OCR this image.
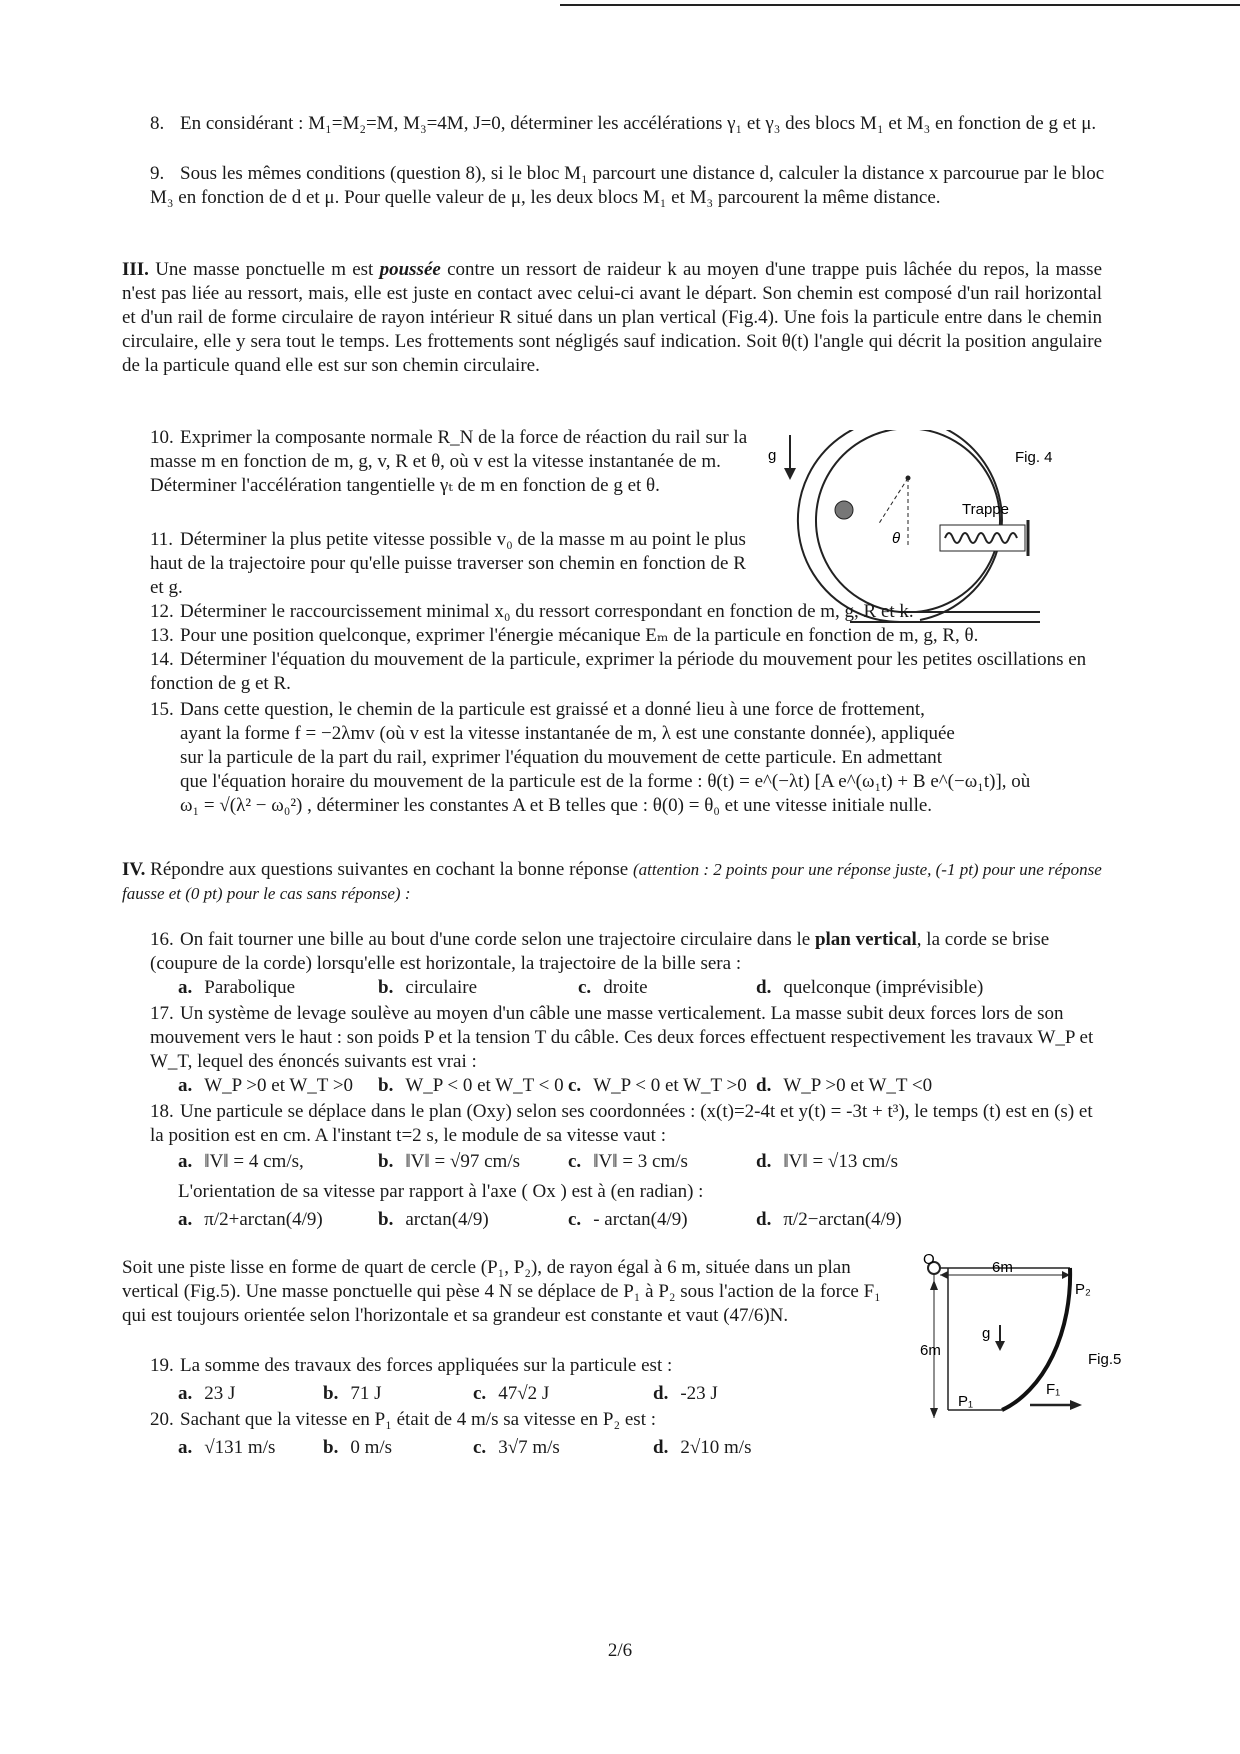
8. En considérant : M₁=M₂=M, M₃=4M, J=0, déterminer les accélérations γ₁ et γ₃ des blocs M₁ et M₃ en fonction de g et μ.
9. Sous les mêmes conditions (question 8), si le bloc M₁ parcourt une distance d, calculer la distance x parcourue par le bloc M₃ en fonction de d et μ. Pour quelle valeur de μ, les deux blocs M₁ et M₃ parcourent la même distance.
III. Une masse ponctuelle m est poussée contre un ressort de raideur k au moyen d'une trappe puis lâchée du repos, la masse n'est pas liée au ressort, mais, elle est juste en contact avec celui-ci avant le départ. Son chemin est composé d'un rail horizontal et d'un rail de forme circulaire de rayon intérieur R situé dans un plan vertical (Fig.4). Une fois la particule entre dans le chemin circulaire, elle y sera tout le temps. Les frottements sont négligés sauf indication. Soit θ(t) l'angle qui décrit la position angulaire de la particule quand elle est sur son chemin circulaire.
10. Exprimer la composante normale R_N de la force de réaction du rail sur la masse m en fonction de m, g, v, R et θ, où v est la vitesse instantanée de m. Déterminer l'accélération tangentielle γₜ de m en fonction de g et θ.
11. Déterminer la plus petite vitesse possible v₀ de la masse m au point le plus haut de la trajectoire pour qu'elle puisse traverser son chemin en fonction de R et g.
g
θ
Trappe
Fig. 4
12. Déterminer le raccourcissement minimal x₀ du ressort correspondant en fonction de m, g, R et k.
13. Pour une position quelconque, exprimer l'énergie mécanique Eₘ de la particule en fonction de m, g, R, θ.
14. Déterminer l'équation du mouvement de la particule, exprimer la période du mouvement pour les petites oscillations en fonction de g et R.
15. Dans cette question, le chemin de la particule est graissé et a donné lieu à une force de frottement,
ayant la forme f = −2λmv (où v est la vitesse instantanée de m, λ est une constante donnée), appliquée
sur la particule de la part du rail, exprimer l'équation du mouvement de cette particule. En admettant
que l'équation horaire du mouvement de la particule est de la forme : θ(t) = e^(−λt) [A e^(ω₁t) + B e^(−ω₁t)], où
ω₁ = √(λ² − ω₀²) , déterminer les constantes A et B telles que : θ(0) = θ₀ et une vitesse initiale nulle.
IV. Répondre aux questions suivantes en cochant la bonne réponse (attention : 2 points pour une réponse juste, (-1 pt) pour une réponse fausse et (0 pt) pour le cas sans réponse) :
16. On fait tourner une bille au bout d'une corde selon une trajectoire circulaire dans le plan vertical, la corde se brise (coupure de la corde) lorsqu'elle est horizontale, la trajectoire de la bille sera :
a. Parabolique	b. circulaire	c. droite	d. quelconque (imprévisible)
17. Un système de levage soulève au moyen d'un câble une masse verticalement. La masse subit deux forces lors de son mouvement vers le haut : son poids P et la tension T du câble. Ces deux forces effectuent respectivement les travaux W_P et W_T, lequel des énoncés suivants est vrai :
a. W_P >0 et W_T >0 b. W_P < 0 et W_T < 0 c. W_P < 0 et W_T >0 d. W_P >0 et W_T <0
18. Une particule se déplace dans le plan (Oxy) selon ses coordonnées : (x(t)=2-4t et y(t) = -3t + t³), le temps (t) est en (s) et la position est en cm. A l'instant t=2 s, le module de sa vitesse vaut :
a. ‖V‖ = 4 cm/s,	b. ‖V‖ = √97 cm/s	c. ‖V‖ = 3 cm/s	d. ‖V‖ = √13 cm/s
L'orientation de sa vitesse par rapport à l'axe ( Ox ) est à (en radian) :
a. π/2+arctan(4/9)	b. arctan(4/9)	c. - arctan(4/9)	d. π/2−arctan(4/9)
Soit une piste lisse en forme de quart de cercle (P₁, P₂), de rayon égal à 6 m, située dans un plan vertical (Fig.5). Une masse ponctuelle qui pèse 4 N se déplace de P₁ à P₂ sous l'action de la force F₁ qui est toujours orientée selon l'horizontale et sa grandeur est constante et vaut (47/6)N.
O	6m
6m
P₁
P₂
g
F₁
Fig.5
19. La somme des travaux des forces appliquées sur la particule est :
a. 23 J	b. 71 J	c. 47√2 J	d. -23 J
20. Sachant que la vitesse en P₁ était de 4 m/s sa vitesse en P₂ est :
a. √131 m/s	b. 0 m/s	c. 3√7 m/s	d. 2√10 m/s
2/6
